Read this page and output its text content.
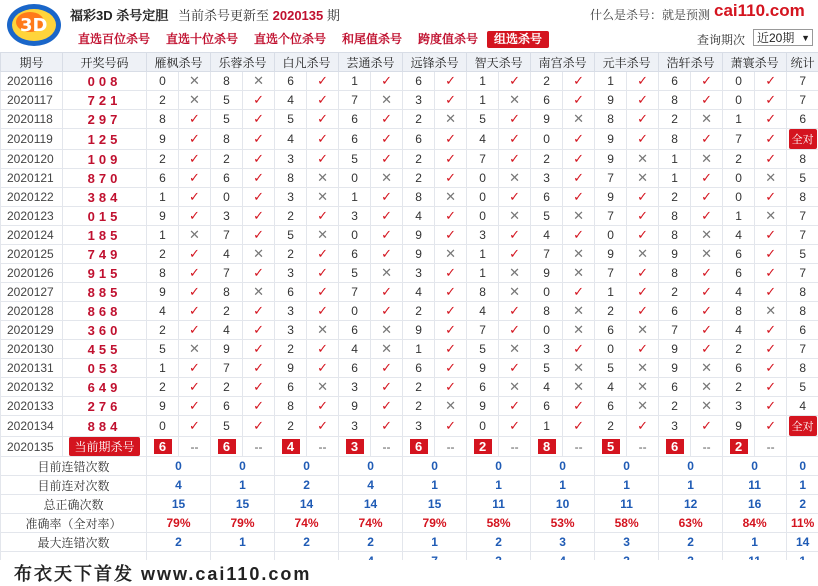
3D 福彩3D 杀号定胆 当前杀号更新至 2020135 期	什么是杀号：就是预测 cai110.com
直选百位杀号 直选十位杀号 直选个位杀号 和尾值杀号 跨度值杀号	组选杀号	查询期次 近20期 ▼
期号	开奖号码	雁枫杀号		乐蓉杀号		白凡杀号		芸通杀号		远锋杀号		智天杀号		南宫杀号		元丰杀号		浩轩杀号		萧寰杀号		统计
2020116	008	0	✕	8	✕	6	✓	1	✓	6	✓	1	✓	2	✓	1	✓	6	✓	0	✓	7
2020117	721	2	✕	5	✓	4	✓	7	✕	3	✓	1	✕	6	✓	9	✓	8	✓	0	✓	7
2020118	297	8	✓	5	✓	5	✓	6	✓	2	✕	5	✓	9	✕	8	✓	2	✕	1	✓	6
2020119	125	9	✓	8	✓	4	✓	6	✓	6	✓	4	✓	0	✓	9	✓	8	✓	7	✓	全对
2020120	109	2	✓	2	✓	3	✓	5	✓	2	✓	7	✓	2	✓	9	✕	1	✕	2	✓	8
2020121	870	6	✓	6	✓	8	✕	0	✕	2	✓	0	✕	3	✓	7	✕	1	✓	0	✕	5
2020122	384	1	✓	0	✓	3	✕	1	✓	8	✕	0	✓	6	✓	9	✓	2	✓	0	✓	8
2020123	015	9	✓	3	✓	2	✓	3	✓	4	✓	0	✕	5	✕	7	✓	8	✓	1	✕	7
2020124	185	1	✕	7	✓	5	✕	0	✓	9	✓	3	✓	4	✓	0	✓	8	✕	4	✓	7
2020125	749	2	✓	4	✕	2	✓	6	✓	9	✕	1	✓	7	✕	9	✕	9	✕	6	✓	5
2020126	915	8	✓	7	✓	3	✓	5	✕	3	✓	1	✕	9	✕	7	✓	8	✓	6	✓	7
2020127	885	9	✓	8	✕	6	✓	7	✓	4	✓	8	✕	0	✓	1	✓	2	✓	4	✓	8
2020128	868	4	✓	2	✓	3	✓	0	✓	2	✓	4	✓	8	✕	2	✓	6	✓	8	✕	8
2020129	360	2	✓	4	✓	3	✕	6	✕	9	✓	7	✓	0	✕	6	✕	7	✓	4	✓	6
2020130	455	5	✕	9	✓	2	✓	4	✕	1	✓	5	✕	3	✓	0	✓	9	✓	2	✓	7
2020131	053	1	✓	7	✓	9	✓	6	✓	6	✓	9	✓	5	✕	5	✕	9	✕	6	✓	8
2020132	649	2	✓	2	✓	6	✕	3	✓	2	✓	6	✕	4	✕	4	✕	6	✕	2	✓	5
2020133	276	9	✓	6	✓	8	✓	9	✓	2	✕	9	✓	6	✓	6	✕	2	✕	3	✓	4
2020134	884	0	✓	5	✓	2	✓	3	✓	3	✓	0	✓	1	✓	2	✓	3	✓	9	✓	全对
2020135	当前期杀号	6	--	6	--	4	--	3	--	6	--	2	--	8	--	5	--	6	--	2	--	
目前连错次数		0		0		0		0		0		0		0		0		0		0		0
目前连对次数		4		1		2		4		1		1		1		1		1		11		1
总正确次数		15		15		14		14		15		11		10		11		12		16		2
准确率（全对率）		79%		79%		74%		74%		79%		58%		53%		58%		63%		84%		11%
最大连错次数		2		1		2		2		1		2		3		3		2		1		14

布衣天下首发 www.cai110.com
